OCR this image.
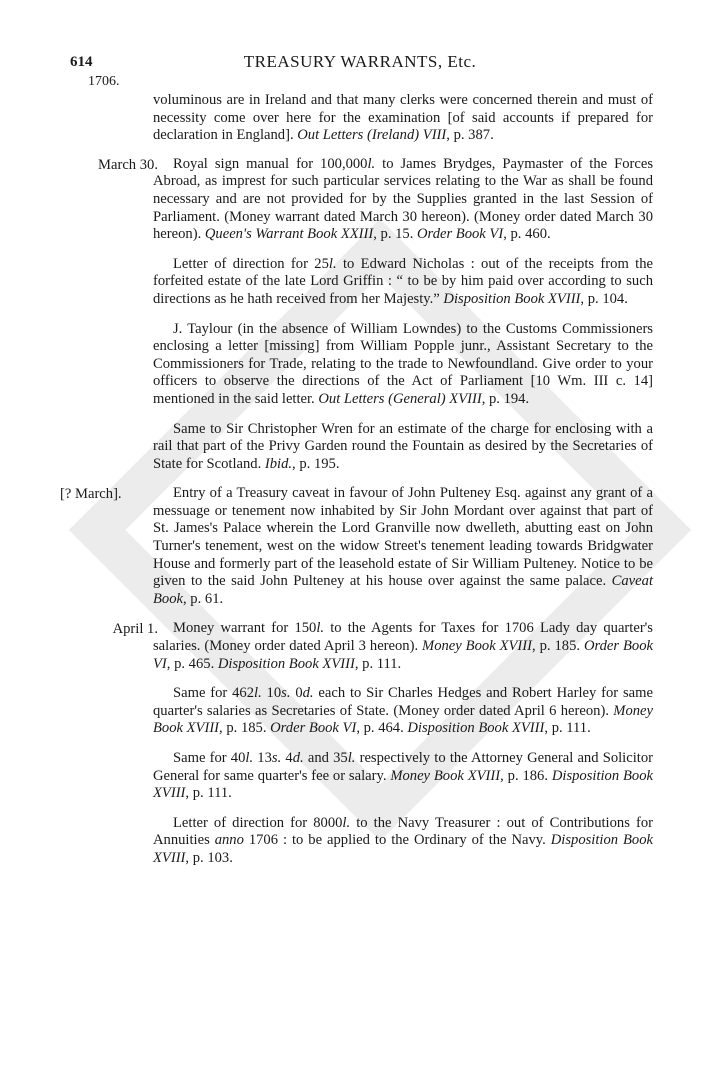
614	TREASURY WARRANTS, Etc.
1706.
voluminous are in Ireland and that many clerks were concerned therein and must of necessity come over here for the examination [of said accounts if prepared for declaration in England]. Out Letters (Ireland) VIII, p. 387.
March 30.	Royal sign manual for 100,000l. to James Brydges, Paymaster of the Forces Abroad, as imprest for such particular services relating to the War as shall be found necessary and are not provided for by the Supplies granted in the last Session of Parliament. (Money warrant dated March 30 hereon). (Money order dated March 30 hereon). Queen's Warrant Book XXIII, p. 15. Order Book VI, p. 460.
Letter of direction for 25l. to Edward Nicholas : out of the receipts from the forfeited estate of the late Lord Griffin : “ to be by him paid over according to such directions as he hath received from her Majesty.” Disposition Book XVIII, p. 104.
J. Taylour (in the absence of William Lowndes) to the Customs Commissioners enclosing a letter [missing] from William Popple junr., Assistant Secretary to the Commissioners for Trade, relating to the trade to Newfoundland. Give order to your officers to observe the directions of the Act of Parliament [10 Wm. III c. 14] mentioned in the said letter. Out Letters (General) XVIII, p. 194.
Same to Sir Christopher Wren for an estimate of the charge for enclosing with a rail that part of the Privy Garden round the Fountain as desired by the Secretaries of State for Scotland. Ibid., p. 195.
[? March].	Entry of a Treasury caveat in favour of John Pulteney Esq. against any grant of a messuage or tenement now inhabited by Sir John Mordant over against that part of St. James's Palace wherein the Lord Granville now dwelleth, abutting east on John Turner's tenement, west on the widow Street's tenement leading towards Bridgwater House and formerly part of the leasehold estate of Sir William Pulteney. Notice to be given to the said John Pulteney at his house over against the same palace. Caveat Book, p. 61.
April 1.	Money warrant for 150l. to the Agents for Taxes for 1706 Lady day quarter's salaries. (Money order dated April 3 hereon). Money Book XVIII, p. 185. Order Book VI, p. 465. Disposition Book XVIII, p. 111.
Same for 462l. 10s. 0d. each to Sir Charles Hedges and Robert Harley for same quarter's salaries as Secretaries of State. (Money order dated April 6 hereon). Money Book XVIII, p. 185. Order Book VI, p. 464. Disposition Book XVIII, p. 111.
Same for 40l. 13s. 4d. and 35l. respectively to the Attorney General and Solicitor General for same quarter's fee or salary. Money Book XVIII, p. 186. Disposition Book XVIII, p. 111.
Letter of direction for 8000l. to the Navy Treasurer : out of Contributions for Annuities anno 1706 : to be applied to the Ordinary of the Navy. Disposition Book XVIII, p. 103.
